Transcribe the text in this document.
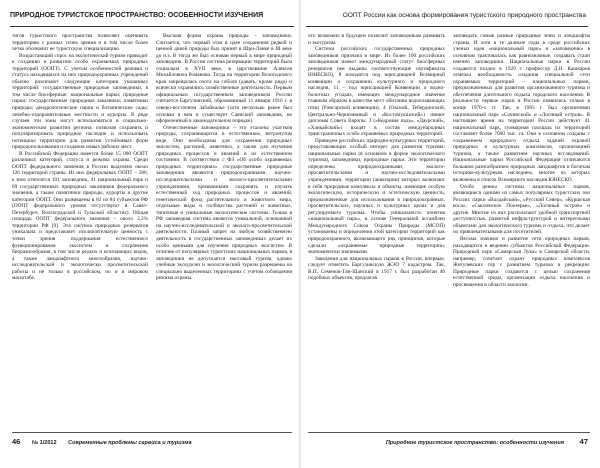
ПРИРОДНОЕ ТУРИСТСКОЕ ПРОСТРАНСТВО: ОСОБЕННОСТИ ИЗУЧЕНИЯ

тигов туристского пространства позволяет оценивать территорию с разных точек зрения и в том числе более четко обозначит ее туристскую специализацию.

Возрастающий спрос на экологический туризм приводит к созданию и развитию особо охраняемых природных территорий (ООПТ). С учетом особенностей режима и статуса находящихся на них природоохранных учреждений обычно различают следующие категории указанных территорий: государственные природные заповедники, в том числе биосферные; национальные парки; природные парки; государственные природные заказники; памятники природы; дендрологические парки и ботанические сады; лечебно-оздоровительные местности и курорты. В ряде случаев эти зоны могут использоваться в социально-экономическом развитии региона, позволяя сохранять и популяризировать природное наследие и использовать потенциал территории для развития устойчивых форм природопользования и создания новых рабочих мест.

В Российской Федерации имеется более 15 000 ООПТ различных категорий, статуса и режима охраны. Среди ООПТ федерального значения в России выделено около 126 территорий страны. Из них федеральных ООПТ – 286, к ним относятся 101 заповедник, 41 национальный парк и 69 государственных природных заказников федерального значения, а также памятники природы, курорты и другие категории ООПТ. Они размещены в 81 из 84 субъектов РФ (ООПТ федерального уровня отсутствуют в Санкт-Петербурге, Волгоградской и Тульской областях). Общая площадь ООПТ федерального значения – около 3,3% территории РФ [9]. Эта система природных резерватов уникальна и представляет исключительную ценность с точки зрения поддержания естественного функционирования экосистем и сохранения биоразнообразия, в том числе редких и исчезающих видов, а также ландшафтного многообразия, научно-исследовательской и экологически просветительской работы и не только в российском, но и в мировом масштабе.

Высшая форма охраны природы – заповедники. Считается, что первый этап в идее сохранения редкой и ценной дикой природы был принят в Шри-Ланке в III веке до н.э. В тогда же был основан первый в мире природный заповедник. В России система резервации территорий была социальна в XVII веке, в царствование Алексея Михайловича Романова. Тогда на территории Вологодского края запрещалась охота на соболя (давать, кроме ряда) и всячески охранялись хозяйственные деятельность. Первым официальным государственным заповедником России считается Баргузинский, образованный 11 января 1916 г. в северо-восточном Забайкалье (хотя несколько ранее был основан в нем и существует Саянский заповедник, не оформленный в законодательном порядке).

Отечественные заповедники – это эталоны участков природы, сохраняющихся в естественном, нетронутом виде. Они необходимы для сохранения природных экосистем, растений, животных, а также для изучения природных процессов и явлений в их естественном состоянии. В соответствии с ФЗ «Об особо охраняемых природных территориях» государственные природные заповедники являются природоохранными, научно-исследовательскими и эколого-просветительскими учреждениями, призванными сохранять и изучать естественный ход природных процессов и явлений, генетический фонд растительного и животного мира, отдельные виды и сообщества растений и животных, типичные и уникальные экологические системы. Только в РФ заповедная система является уникальной, основанной на научно-исследовательской и эколого-просветительской деятельности. Полный запрет на любую хозяйственную деятельность в государственных заповедниках делает их особо ценными для изучения природных экосистем. В отличие от популярных туристских национальных парков, в заповедники не допускается массовый туризм, однако учебные экскурсии и экологический туризм разрешены на специально выделенных территориях с учетом соблюдения режима охраны.

46 № 1/2012 Современные проблемы сервиса и туризма
ООПТ России как основа формирования туристского природного пространства

что возможно в будущем позволит заповедникам развивать и экотуризм.

Система российских государственных природных заповедников признана в мире. Из более 100 российских заповедников имеют международный статус биосферных резерватов (им выданы соответствующие сертификаты ЮНЕСКО), 8 находятся под юрисдикцией Всемирной конвенции о сохранении культурного и природного наследия, 11 – под юрисдикцией Конвенции о водно-болотных угодьях, имеющих международное значение главным образом в качестве мест обитания водоплавающих птиц (Рамсарской конвенции), 4 (Окский, Тебердинский, Центрально-Черноземный и «Костомукшский») имеют дипломы Совета Европы, 3 («Кедровая падь», «Даурский», «Ханкайский») входят в состав международных трансграничных особо охраняемых природных территорий.

Приведем российских природно-культурных территорий, представляющих особый интерес для развития туризма: национальные парки (в основном в форме экологического туризма), заповедники, природные парки. Эти территории определены природоохранными, эколого-просветительскими и научно-исследовательскими учреждениями, территории (акватории) которых включают в себя природные комплексы и объекты, имеющие особую экологическую, историческую и эстетическую ценность, предназначенные для использования в природоохранных, просветительских, научных и культурных целях и для регулируемого туризма. Чтобы уникальность понятия «национальный парк», в основе Генеральной ассамблеи Международного Союза Охраны Природы (МСОП) установлены и определения этой категории территорий как природоохранного, включающего ряд принципов, которые сделали «охраняемые природные территории» экономически значимыми.

Заведения для национальных парков в России, впервые, следует отметить Баргузинскую ЖЭО 7 кадастром. Так, В.П. Семенов-Тян-Шанский в 1917 г. был разработан 46 подобных объектов, предлагая

заповедать самые разные природные зоны и ландшафты страны. И хотя в те далекие годы в среде российских ученых идея «национальный парк» и «заповедник» в основном трактовалась как равнозначные, создавать стали именно заповедники. Национальные парки в России создаются поздно в 1929 г. профессор Д.Н. Кашкаров отмечал необходимость создания специальной сети охраняемых территорий – национальных парков, предназначенных для развития организованного туризма и обеспечения длительного отдыха городского населения. В реальности первые парки в России появились только в конце 1970-х гг. Так, в 1983 г. был организован национальный парк «Сочинский» и «Лосиный остров». В настоящее время на территории России действует 41 национальный парк, суммарная площадь их территорий составляет более 7000 тыс. га. Они в основном созданы с сохранением природного отдыха задачей охраной природных и культурных комплексов, организацией туризма, а также развитием научных исследований. Национальные парки Российской Федерации отличаются большим разнообразием природных ландшафтов и богатым историко-культурным наследием, многие из которых включены в список Всемирного наследия ЮНЕСКО.

Особо ценны системы национальных парков, являющиеся одними из самых популярных туристских зон России: парки «Валдайский», «Русский Север», «Куршская коса», «Смоленское Поозерье», «Лосиный остров» и другие. Многие из них располагают удобной транспортной доступностью, развитой инфраструктурой и интересными объектами для экологического туризма и отдыха, что делает их привлекательными для посетителей.

Весьма значимо и развитие сети природных парков, находящихся в ведении субъектов Российской Федерации. Природный парк «Самарская Лука» в Самарской области, например, сочетает охрану природных комплексов Жигулевских гор с развитием туризма и рекреации. Природные парки создаются с целью сохранения естественной среды, организации отдыха населения и просвещения в области экологии.

Природное туристское пространство: особенности изучения 47
